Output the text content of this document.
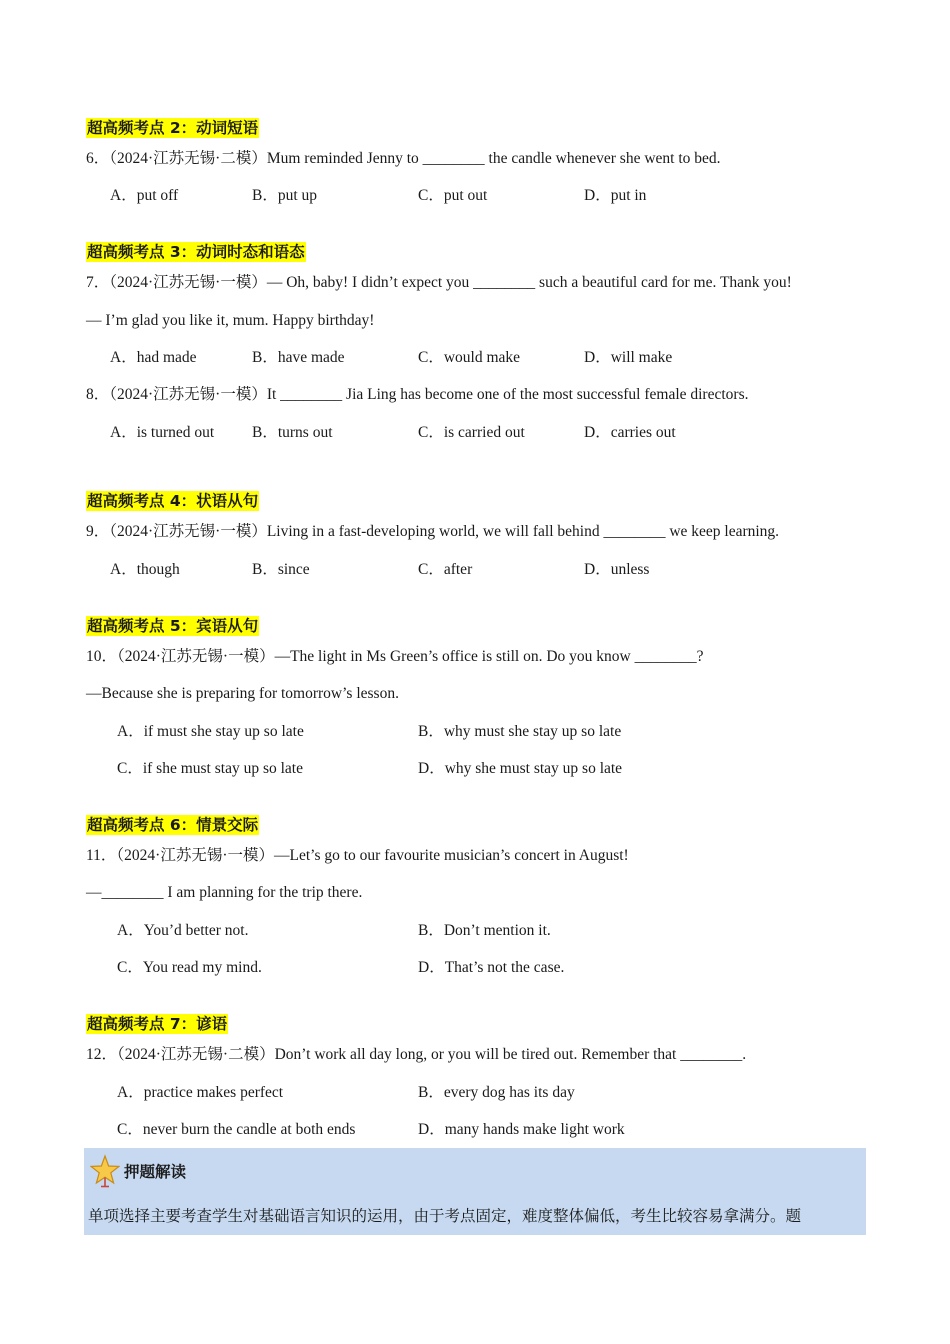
超高频考点 2：动词短语
6．（2024·江苏无锡·二模）Mum reminded Jenny to ________ the candle whenever she went to bed.
A．put off	B．put up	C．put out	D．put in
超高频考点 3：动词时态和语态
7．（2024·江苏无锡·一模）— Oh, baby! I didn’t expect you ________ such a beautiful card for me. Thank you!
— I’m glad you like it, mum. Happy birthday!
A．had made	B．have made	C．would make	D．will make
8．（2024·江苏无锡·一模）It ________ Jia Ling has become one of the most successful female directors.
A．is turned out B．turns out	C．is carried out	D．carries out
超高频考点 4：状语从句
9．（2024·江苏无锡·一模）Living in a fast-developing world, we will fall behind ________ we keep learning.
A．though	B．since	C．after	D．unless
超高频考点 5：宾语从句
10．（2024·江苏无锡·一模）—The light in Ms Green’s office is still on. Do you know ________?
—Because she is preparing for tomorrow’s lesson.
A．if must she stay up so late	B．why must she stay up so late
C．if she must stay up so late	D．why she must stay up so late
超高频考点 6：情景交际
11．（2024·江苏无锡·一模）—Let’s go to our favourite musician’s concert in August!
—________ I am planning for the trip there.
A．You’d better not.	B．Don’t mention it.
C．You read my mind.	D．That’s not the case.
超高频考点 7：谚语
12．（2024·江苏无锡·二模）Don’t work all day long, or you will be tired out. Remember that ________.
A．practice makes perfect	B．every dog has its day
C．never burn the candle at both ends	D．many hands make light work
押题解读
单项选择主要考查学生对基础语言知识的运用，由于考点固定，难度整体偏低，考生比较容易拿满分。题
